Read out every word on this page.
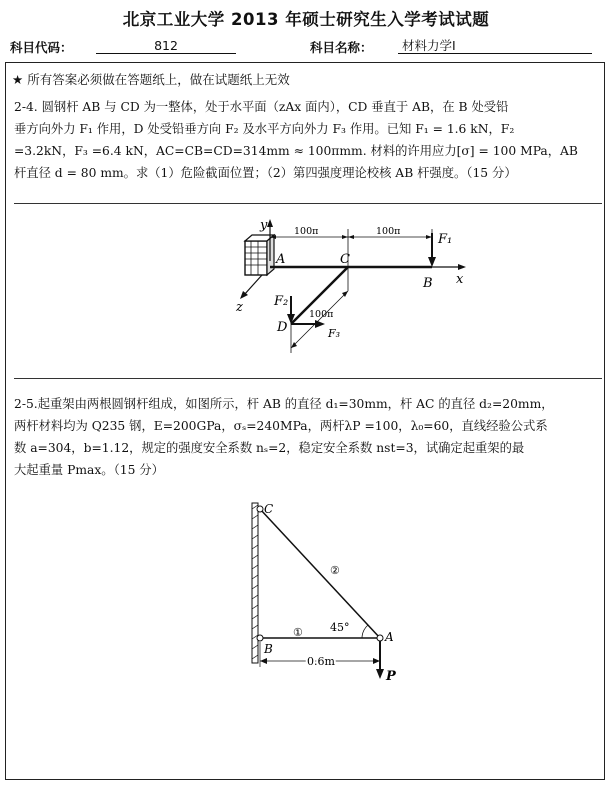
北京工业大学 2013 年硕士研究生入学考试试题
科目代码：	812	科目名称：	材料力学I
★ 所有答案必须做在答题纸上，做在试题纸上无效
2-4. 圆钢杆 AB 与 CD 为一整体，处于水平面（zAx 面内），CD 垂直于 AB，在 B 处受铅
垂方向外力 F₁ 作用，D 处受铅垂方向 F₂ 及水平方向外力 F₃ 作用。已知 F₁ = 1.6 kN，F₂
=3.2kN，F₃ =6.4 kN，AC=CB=CD=314mm ≈ 100πmm. 材料的许用应力[σ] = 100 MPa，AB
杆直径 d = 80 mm。求（1）危险截面位置；（2）第四强度理论校核 AB 杆强度。（15 分）
y
x
z
A
B
C
100π	100π
F₁
100π
F₂
F₃
D
2-5.起重架由两根圆钢杆组成，如图所示，杆 AB 的直径 d₁=30mm，杆 AC 的直径 d₂=20mm，
两杆材料均为 Q235 钢，E=200GPa，σₛ=240MPa，两杆λP =100，λ₀=60，直线经验公式系
数 a=304，b=1.12，规定的强度安全系数 nₛ=2，稳定安全系数 nst=3，试确定起重架的最
大起重量 Pmax。（15 分）
C
B
A
②
① 45°
0.6m
P
